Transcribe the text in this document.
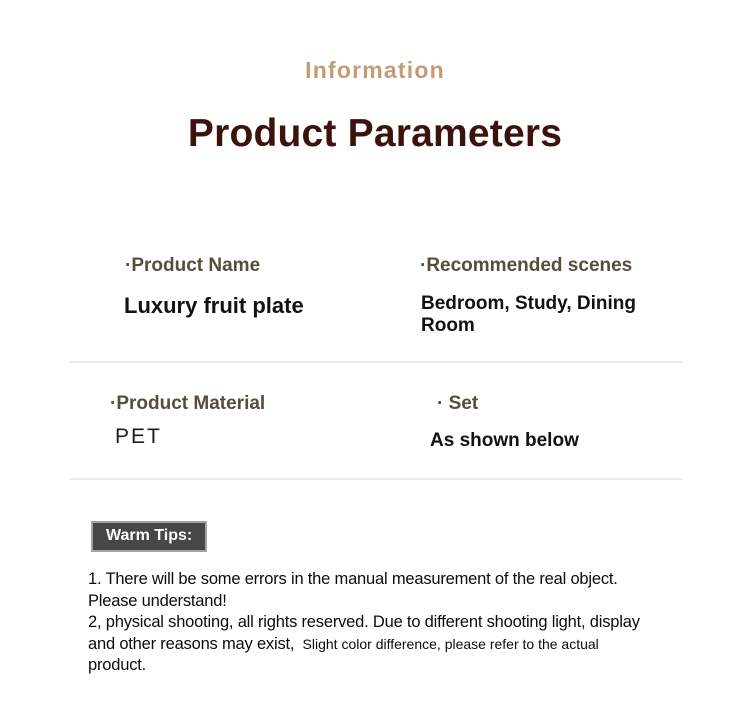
Information
Product Parameters
·Product Name
Luxury fruit plate
·Recommended scenes
Bedroom, Study, Dining Room
·Product Material
PET
· Set
As shown below
Warm Tips:
1. There will be some errors in the manual measurement of the real object.
Please understand!
2, physical shooting, all rights reserved. Due to different shooting light, display
and other reasons may exist,  Slight color difference, please refer to the actual
product.
